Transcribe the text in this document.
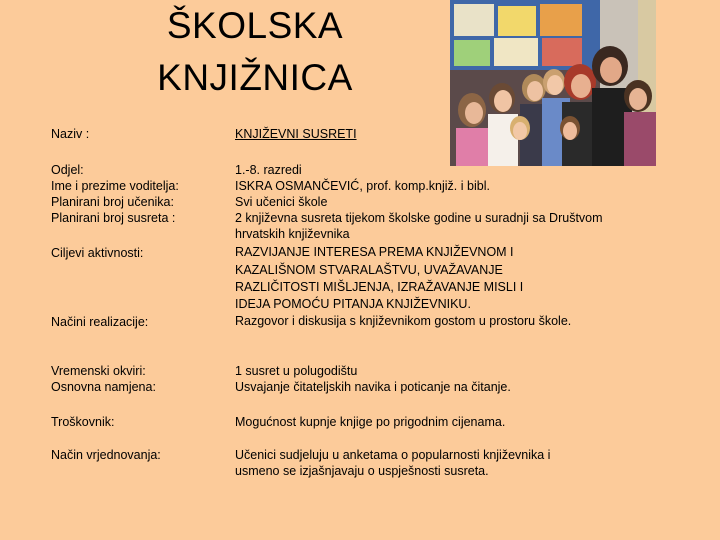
ŠKOLSKA
KNJIŽNICA
Naziv :	KNJIŽEVNI SUSRETI
Odjel:	1.-8. razredi
Ime i prezime voditelja:	ISKRA OSMANČEVIĆ, prof. komp.knjiž. i bibl.
Planirani broj učenika:	Svi učenici škole
Planirani broj susreta :	2 književna susreta tijekom školske godine u suradnji sa Društvom
hrvatskih književnika
Ciljevi aktivnosti:	RAZVIJANJE INTERESA PREMA KNJIŽEVNOM I
KAZALIŠNOM STVARALAŠTVU, UVAŽAVANJE
RAZLIČITOSTI MIŠLJENJA, IZRAŽAVANJE MISLI I
IDEJA POMOĆU PITANJA KNJIŽEVNIKU.
Načini realizacije:	Razgovor i diskusija s književnikom gostom u prostoru škole.
Vremenski okviri:	1 susret u polugodištu
Osnovna namjena:	Usvajanje čitateljskih navika i poticanje na čitanje.
Troškovnik:	Mogućnost kupnje knjige po prigodnim cijenama.
Način vrjednovanja:	Učenici sudjeluju u anketama o popularnosti književnika i
usmeno se izjašnjavaju o uspješnosti susreta.
